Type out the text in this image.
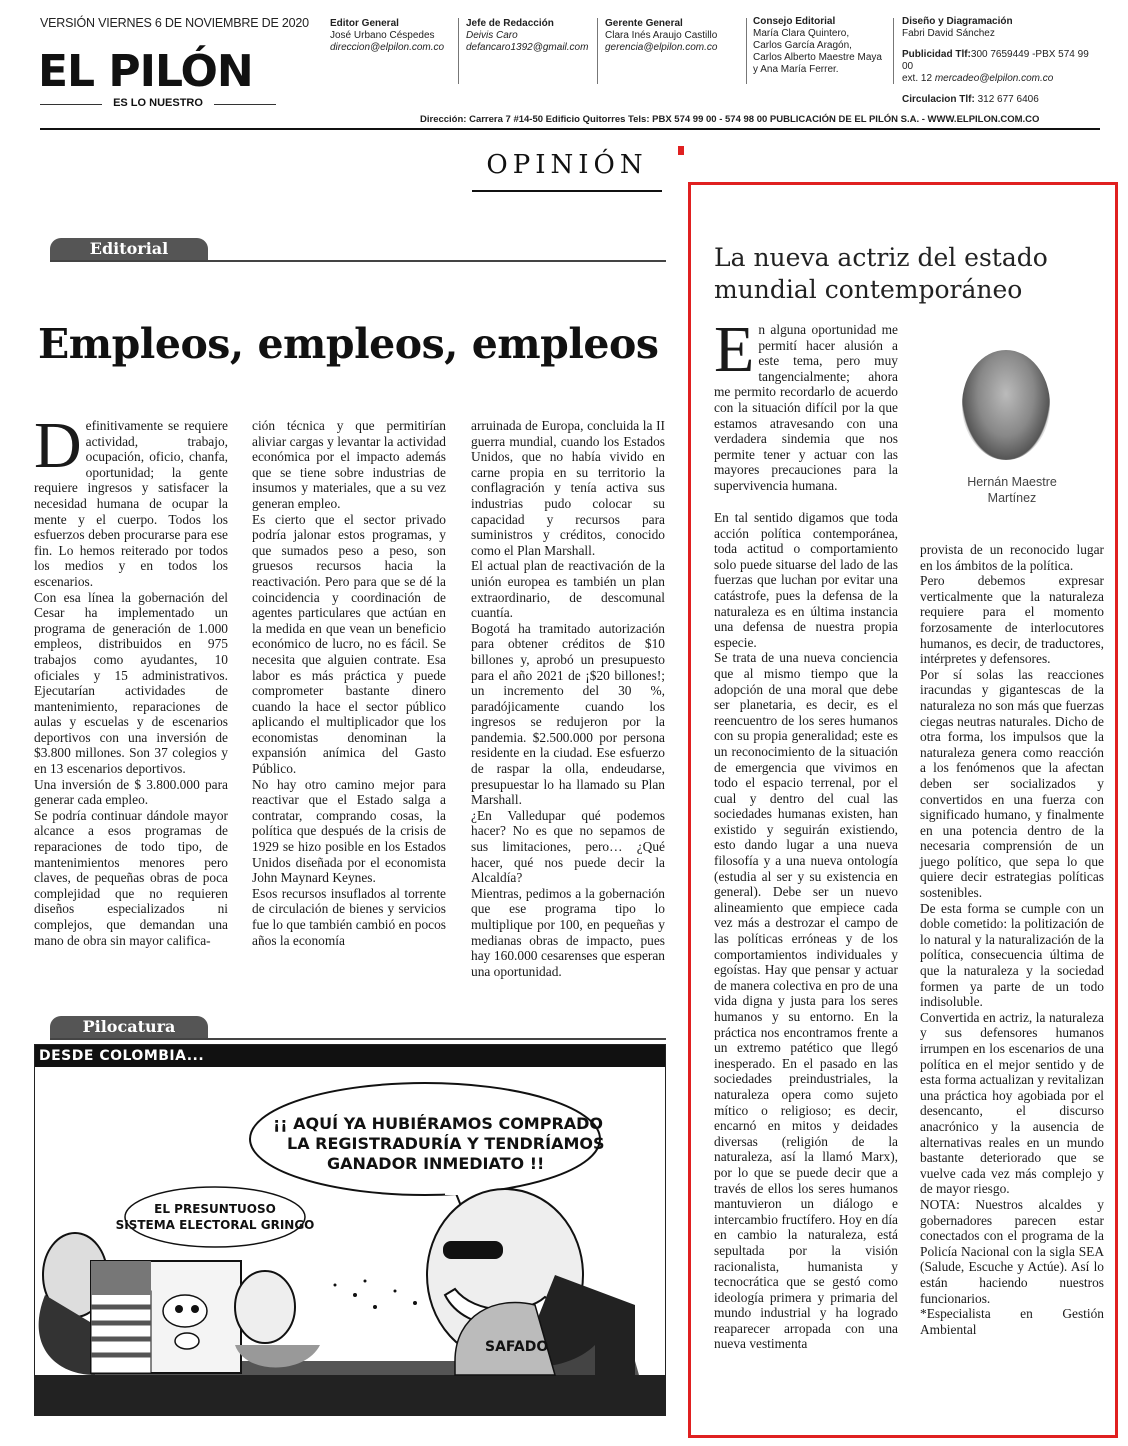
VERSIÓN VIERNES 6 DE NOVIEMBRE DE 2020
EL PILÓN
ES LO NUESTRO
Editor General
José Urbano Céspedes
direccion@elpilon.com.co
Jefe de Redacción
Deivis Caro
defancaro1392@gmail.com
Gerente General
Clara Inés Araujo Castillo
gerencia@elpilon.com.co
Consejo Editorial
María Clara Quintero,
Carlos García Aragón,
Carlos Alberto Maestre Maya
y Ana María Ferrer.
Diseño y Diagramación
Fabri David Sánchez
Publicidad Tlf:300 7659449 -PBX 574 99 00
ext. 12 mercadeo@elpilon.com.co
Circulacion Tlf: 312 677 6406
Dirección: Carrera 7 #14-50 Edificio Quitorres Tels: PBX 574 99 00 - 574 98 00 PUBLICACIÓN DE EL PILÓN S.A. - WWW.ELPILON.COM.CO
OPINIÓN
Editorial
Empleos, empleos, empleos

Definitivamente se requiere actividad, trabajo, ocupación, oficio, chanfa, oportunidad; la gente requiere ingresos y satisfacer la necesidad humana de ocupar la mente y el cuerpo. Todos los esfuerzos deben procurarse para ese fin. Lo hemos reiterado por todos los medios y en todos los escenarios.

Con esa línea la gobernación del Cesar ha implementado un programa de generación de 1.000 empleos, distribuidos en 975 trabajos como ayudantes, 10 oficiales y 15 administrativos. Ejecutarían actividades de mantenimiento, reparaciones de aulas y escuelas y de escenarios deportivos con una inversión de $3.800 millones. Son 37 colegios y en 13 escenarios deportivos.

Una inversión de $ 3.800.000 para generar cada empleo.

Se podría continuar dándole mayor alcance a esos programas de reparaciones de todo tipo, de mantenimientos menores pero claves, de pequeñas obras de poca complejidad que no requieren diseños especializados ni complejos, que demandan una mano de obra sin mayor califica-

ción técnica y que permitirían aliviar cargas y levantar la actividad económica por el impacto además que se tiene sobre industrias de insumos y materiales, que a su vez generan empleo.

Es cierto que el sector privado podría jalonar estos programas, y que sumados peso a peso, son gruesos recursos hacia la reactivación. Pero para que se dé la coincidencia y coordinación de agentes particulares que actúan en la medida en que vean un beneficio económico de lucro, no es fácil. Se necesita que alguien contrate. Esa labor es más práctica y puede comprometer bastante dinero cuando la hace el sector público aplicando el multiplicador que los economistas denominan la expansión anímica del Gasto Público.

No hay otro camino mejor para reactivar que el Estado salga a contratar, comprando cosas, la política que después de la crisis de 1929 se hizo posible en los Estados Unidos diseñada por el economista John Maynard Keynes.

Esos recursos insuflados al torrente de circulación de bienes y servicios fue lo que también cambió en pocos años la economía

arruinada de Europa, concluida la II guerra mundial, cuando los Estados Unidos, que no había vivido en carne propia en su territorio la conflagración y tenía activa sus industrias pudo colocar su capacidad y recursos para suministros y créditos, conocido como el Plan Marshall.

El actual plan de reactivación de la unión europea es también un plan extraordinario, de descomunal cuantía.

Bogotá ha tramitado autorización para obtener créditos de $10 billones y, aprobó un presupuesto para el año 2021 de ¡$20 billones!; un incremento del 30 %, paradójicamente cuando los ingresos se redujeron por la pandemia. $2.500.000 por persona residente en la ciudad. Ese esfuerzo de raspar la olla, endeudarse, presupuestar lo ha llamado su Plan Marshall.

¿En Valledupar qué podemos hacer? No es que no sepamos de sus limitaciones, pero… ¿Qué hacer, qué nos puede decir la Alcaldía?

Mientras, pedimos a la gobernación que ese programa tipo lo multiplique por 100, en pequeñas y medianas obras de impacto, pues hay 160.000 cesarenses que esperan una oportunidad.

Pilocatura
DESDE COLOMBIA...
¡¡ AQUÍ YA HUBIÉRAMOS COMPRADO
LA REGISTRADURÍA Y TENDRÍAMOS
GANADOR INMEDIATO !!
EL PRESUNTUOSO
SISTEMA ELECTORAL GRINGO
SAFADO
La nueva actriz del estado mundial contemporáneo
Hernán Maestre
Martínez

En alguna oportunidad me permití hacer alusión a este tema, pero muy tangencialmente; ahora me permito recordarlo de acuerdo con la situación difícil por la que estamos atravesando con una verdadera sindemia que nos permite tener y actuar con las mayores precauciones para la supervivencia humana.

En tal sentido digamos que toda acción política contemporánea, toda actitud o comportamiento solo puede situarse del lado de las fuerzas que luchan por evitar una catástrofe, pues la defensa de la naturaleza es en última instancia una defensa de nuestra propia especie.

Se trata de una nueva conciencia que al mismo tiempo que la adopción de una moral que debe ser planetaria, es decir, es el reencuentro de los seres humanos con su propia generalidad; este es un reconocimiento de la situación de emergencia que vivimos en todo el espacio terrenal, por el cual y dentro del cual las sociedades humanas existen, han existido y seguirán existiendo, esto dando lugar a una nueva filosofía y a una nueva ontología (estudia al ser y su existencia en general). Debe ser un nuevo alineamiento que empiece cada vez más a destrozar el campo de las políticas erróneas y de los comportamientos individuales y egoístas. Hay que pensar y actuar de manera colectiva en pro de una vida digna y justa para los seres humanos y su entorno. En la práctica nos encontramos frente a un extremo patético que llegó inesperado. En el pasado en las sociedades preindustriales, la naturaleza opera como sujeto mítico o religioso; es decir, encarnó en mitos y deidades diversas (religión de la naturaleza, así la llamó Marx), por lo que se puede decir que a través de ellos los seres humanos mantuvieron un diálogo e intercambio fructífero. Hoy en día en cambio la naturaleza, está sepultada por la visión racionalista, humanista y tecnocrática que se gestó como ideología primera y primaria del mundo industrial y ha logrado reaparecer arropada con una nueva vestimenta

provista de un reconocido lugar en los ámbitos de la política.

Pero debemos expresar verticalmente que la naturaleza requiere para el momento forzosamente de interlocutores humanos, es decir, de traductores, intérpretes y defensores.

Por sí solas las reacciones iracundas y gigantescas de la naturaleza no son más que fuerzas ciegas neutras naturales. Dicho de otra forma, los impulsos que la naturaleza genera como reacción a los fenómenos que la afectan deben ser socializados y convertidos en una fuerza con significado humano, y finalmente en una potencia dentro de la necesaria comprensión de un juego político, que sepa lo que quiere decir estrategias políticas sostenibles.

De esta forma se cumple con un doble cometido: la politización de lo natural y la naturalización de la política, consecuencia última de que la naturaleza y la sociedad formen ya parte de un todo indisoluble.

Convertida en actriz, la naturaleza y sus defensores humanos irrumpen en los escenarios de una política en el mejor sentido y de esta forma actualizan y revitalizan una práctica hoy agobiada por el desencanto, el discurso anacrónico y la ausencia de alternativas reales en un mundo bastante deteriorado que se vuelve cada vez más complejo y de mayor riesgo.

NOTA: Nuestros alcaldes y gobernadores parecen estar conectados con el programa de la Policía Nacional con la sigla SEA (Salude, Escuche y Actúe). Así lo están haciendo nuestros funcionarios.

*Especialista en Gestión Ambiental
